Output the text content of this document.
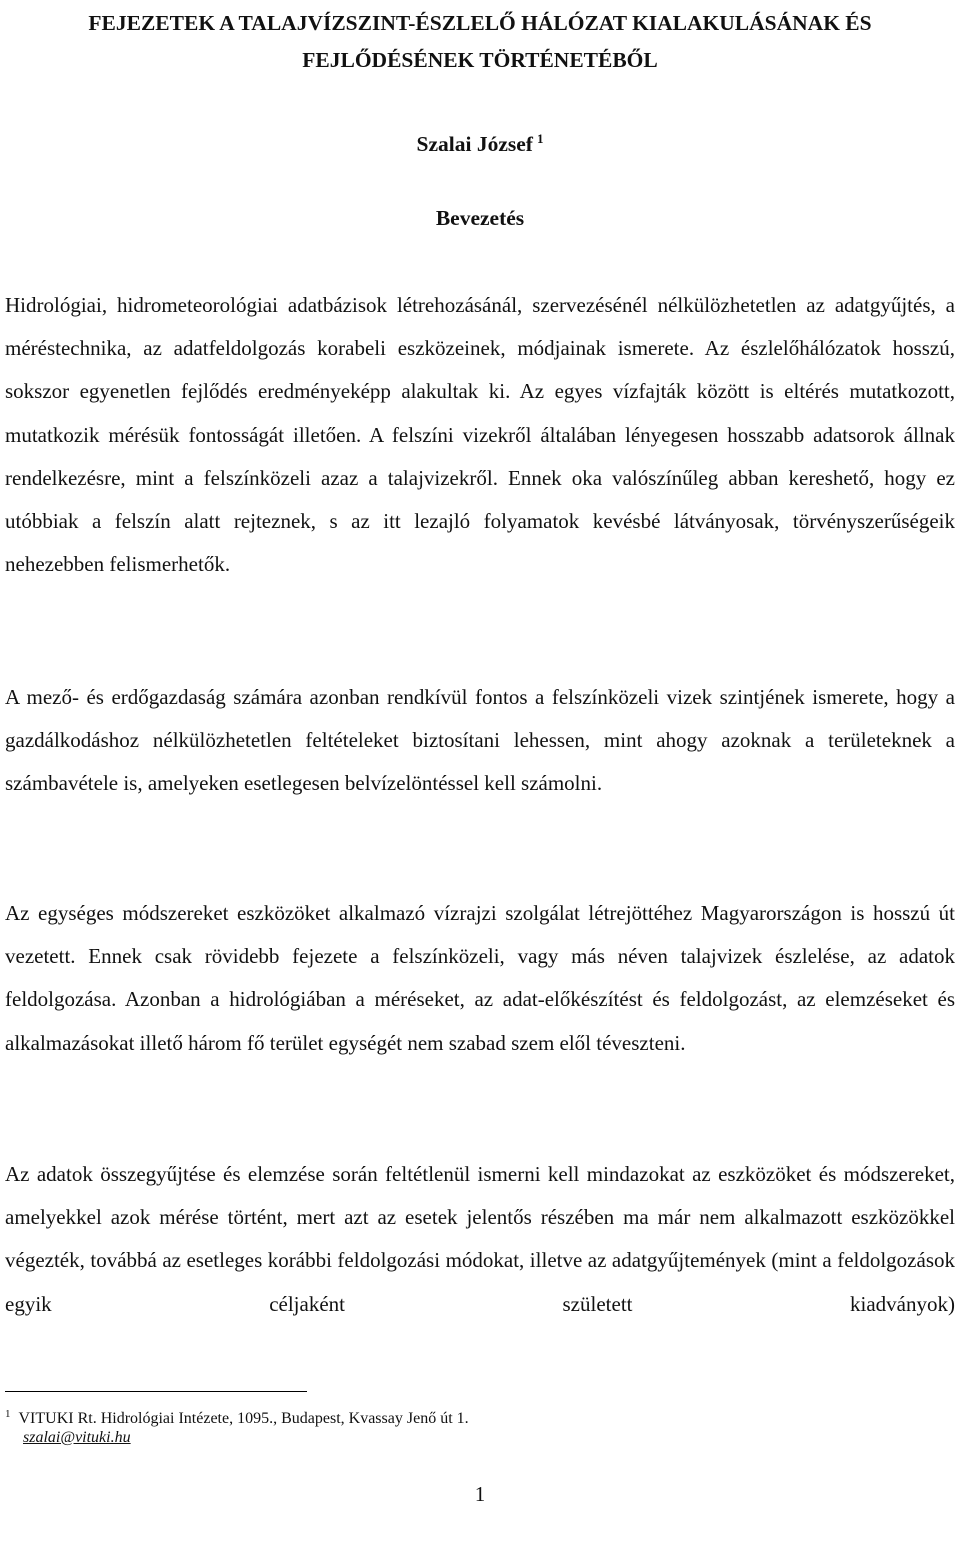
FEJEZETEK A TALAJVÍZSZINT-ÉSZLELŐ HÁLÓZAT KIALAKULÁSÁNAK ÉS
FEJLŐDÉSÉNEK TÖRTÉNETÉBŐL
Szalai József $^1$
Bevezetés

Hidrológiai, hidrometeorológiai adatbázisok létrehozásánál, szervezésénél nélkülözhetetlen az adatgyűjtés, a méréstechnika, az adatfeldolgozás korabeli eszközeinek, módjainak ismerete. Az észlelőhálózatok hosszú, sokszor egyenetlen fejlődés eredményeképp alakultak ki. Az egyes vízfajták között is eltérés mutatkozott, mutatkozik mérésük fontosságát illetően. A felszíni vizekről általában lényegesen hosszabb adatsorok állnak rendelkezésre, mint a felszínközeli azaz a talajvizekről. Ennek oka valószínűleg abban kereshető, hogy ez utóbbiak a felszín alatt rejteznek, s az itt lezajló folyamatok kevésbé látványosak, törvényszerűségeik nehezebben felismerhetők.

A mező- és erdőgazdaság számára azonban rendkívül fontos a felszínközeli vizek szintjének ismerete, hogy a gazdálkodáshoz nélkülözhetetlen feltételeket biztosítani lehessen, mint ahogy azoknak a területeknek a számbavétele is, amelyeken esetlegesen belvízelöntéssel kell számolni.

Az egységes módszereket eszközöket alkalmazó vízrajzi szolgálat létrejöttéhez Magyarországon is hosszú út vezetett. Ennek csak rövidebb fejezete a felszínközeli, vagy más néven talajvizek észlelése, az adatok feldolgozása. Azonban a hidrológiában a méréseket, az adat-előkészítést és feldolgozást, az elemzéseket és alkalmazásokat illető három fő terület egységét nem szabad szem elől téveszteni.

Az adatok összegyűjtése és elemzése során feltétlenül ismerni kell mindazokat az eszközöket és módszereket, amelyekkel azok mérése történt, mert azt az esetek jelentős részében ma már nem alkalmazott eszközökkel végezték, továbbá az esetleges korábbi feldolgozási módokat, illetve az adatgyűjtemények (mint a feldolgozások egyik céljaként született kiadványok)

$^1$ VITUKI Rt. Hidrológiai Intézete, 1095., Budapest, Kvassay Jenő út 1.
szalai@vituki.hu
1
